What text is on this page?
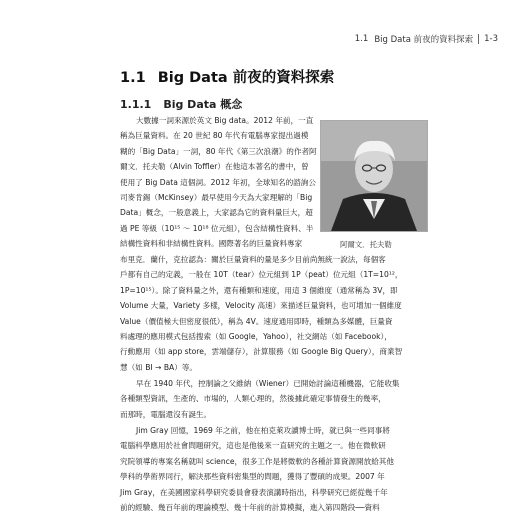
1.1 Big Data 前夜的資料探索 1-3
1.1 Big Data 前夜的資料探索
1.1.1 Big Data 概念
大數據一詞來源於英文 Big data。2012 年前，一直
稱為巨量資料。在 20 世紀 80 年代有電腦專家提出過模
糊的「Big Data」一詞，80 年代《第三次浪潮》的作者阿
爾文．托夫勒（Alvin Toffler）在他這本著名的書中，曾
使用了 Big Data 這個詞。2012 年初，全球知名的諮詢公
司麥肯錫（McKinsey）最早使用今天為大家理解的「Big
Data」概念，一般意義上，大家認為它的資料量巨大，超
過 PE 等級（10¹⁵ ～ 10¹⁸ 位元組），包含結構性資料、半
結構性資料和非結構性資料。國際著名的巨量資料專家	阿爾文．托夫勒
布里克．蘭什，克拉認為：關於巨量資料的量是多少目前尚無統一說法，每個客
戶都有自己的定義，一般在 10T（tear）位元組到 1P（peat）位元組（1T=10¹²，
1P=10¹⁵）。除了資料量之外，還有種類和速度，用這 3 個維度（通常稱為 3V，即
Volume 大量，Variety 多樣，Velocity 高速）來描述巨量資料，也可增加一個維度
Value（價值極大但密度很低），稱為 4V。速度通用即時，種類為多媒體，巨量資
料處理的應用模式包括搜索（如 Google，Yahoo），社交網站（如 Facebook），
行動應用（如 app store，雲端儲存），計算服務（如 Google Big Query），商業智
慧（如 BI → BA）等。
早在 1940 年代，控制論之父維納（Wiener）已開始討論這種機器，它能收集
各種類型資訊，生產的、市場的，人類心理的，然後據此確定事情發生的幾率，
而那時，電腦還沒有誕生。
Jim Gray 回憶，1969 年之前，他在柏克萊攻讀博士時，就已與一些同事將
電腦科學應用於社會問題研究，這也是他後來一直研究的主題之一。他在微軟研
究院領導的專案名稱就叫 science，很多工作是將微軟的各種計算資源開放給其他
學科的學術界同行，解決那些資料密集型的問題，獲得了豐碩的成果。2007 年
Jim Gray，在美國國家科學研究委員會發表演講時指出，科學研究已經從幾千年
前的經驗、幾百年前的理論模型、幾十年前的計算模擬，進入第四階段──資料
